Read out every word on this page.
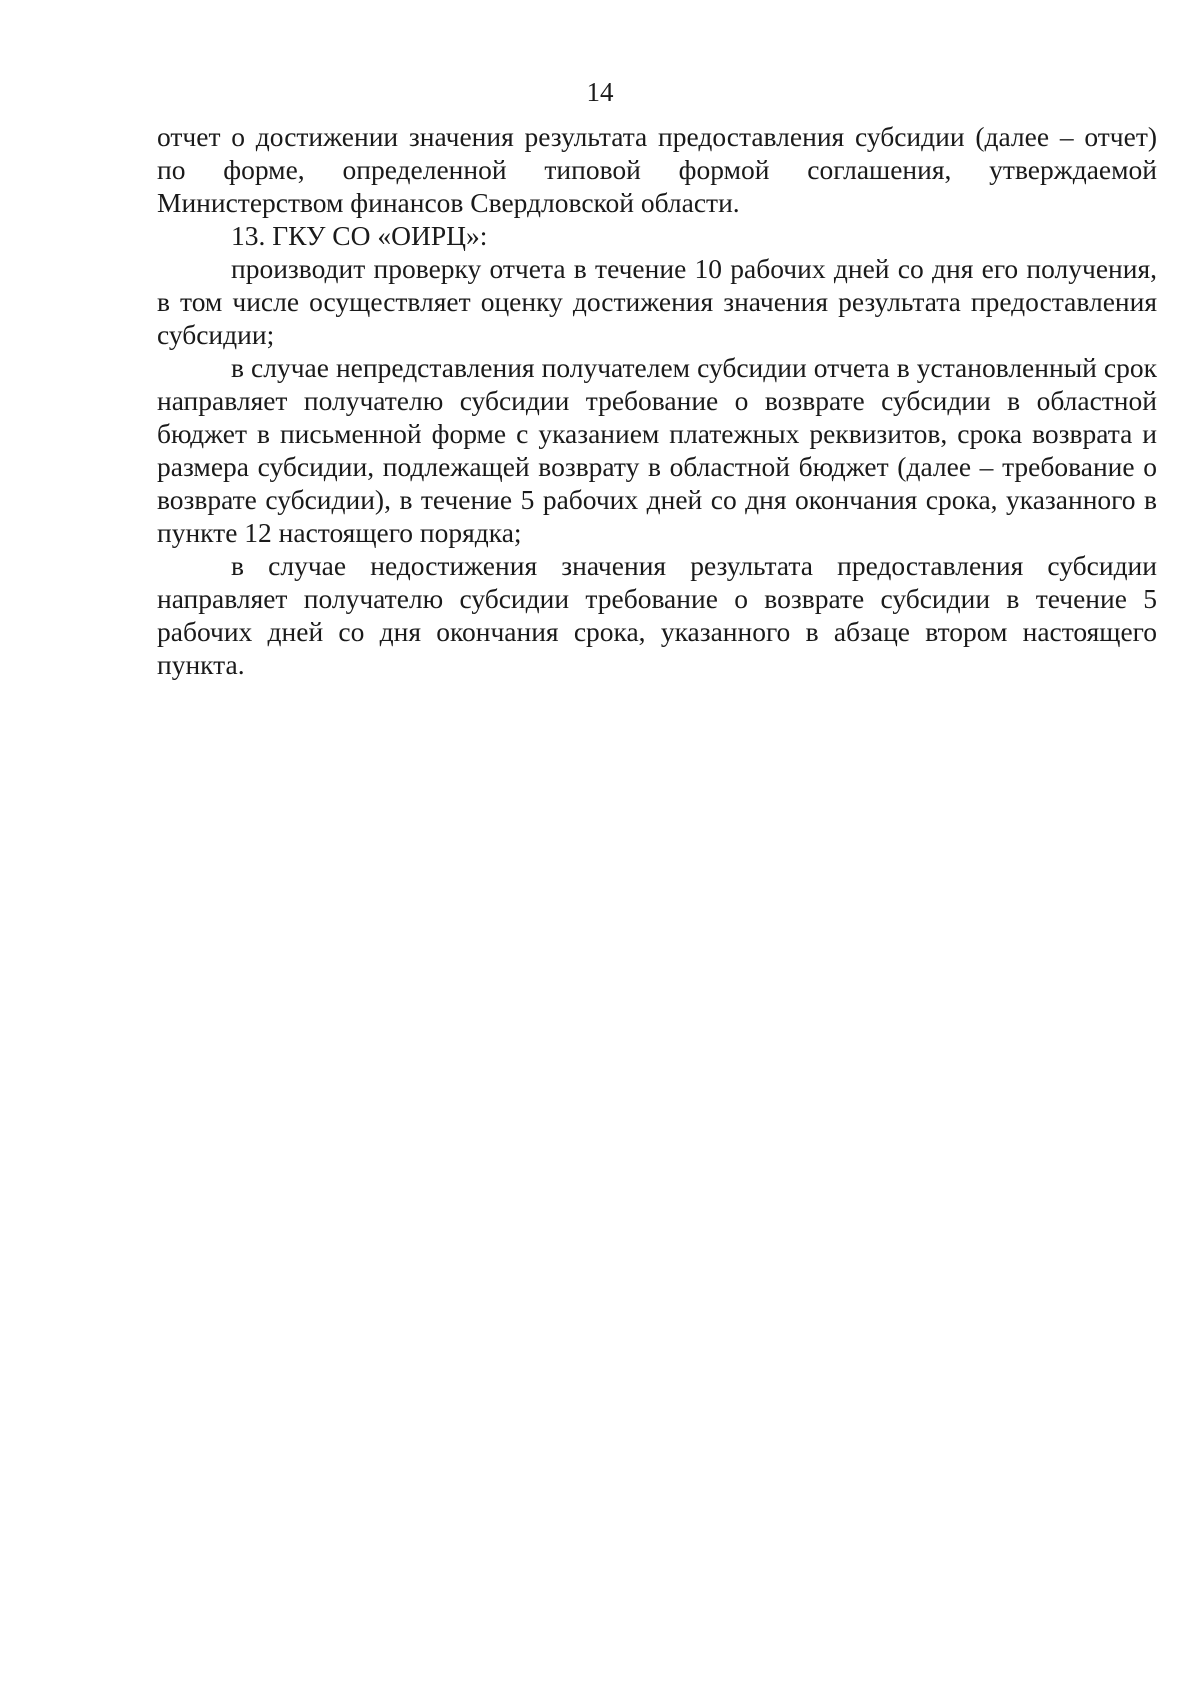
14

отчет о достижении значения результата предоставления субсидии (далее – отчет) по форме, определенной типовой формой соглашения, утверждаемой Министерством финансов Свердловской области.

13. ГКУ СО «ОИРЦ»:

производит проверку отчета в течение 10 рабочих дней со дня его получения, в том числе осуществляет оценку достижения значения результата предоставления субсидии;

в случае непредставления получателем субсидии отчета в установленный срок направляет получателю субсидии требование о возврате субсидии в областной бюджет в письменной форме с указанием платежных реквизитов, срока возврата и размера субсидии, подлежащей возврату в областной бюджет (далее – требование о возврате субсидии), в течение 5 рабочих дней со дня окончания срока, указанного в пункте 12 настоящего порядка;

в случае недостижения значения результата предоставления субсидии направляет получателю субсидии требование о возврате субсидии в течение 5 рабочих дней со дня окончания срока, указанного в абзаце втором настоящего пункта.
